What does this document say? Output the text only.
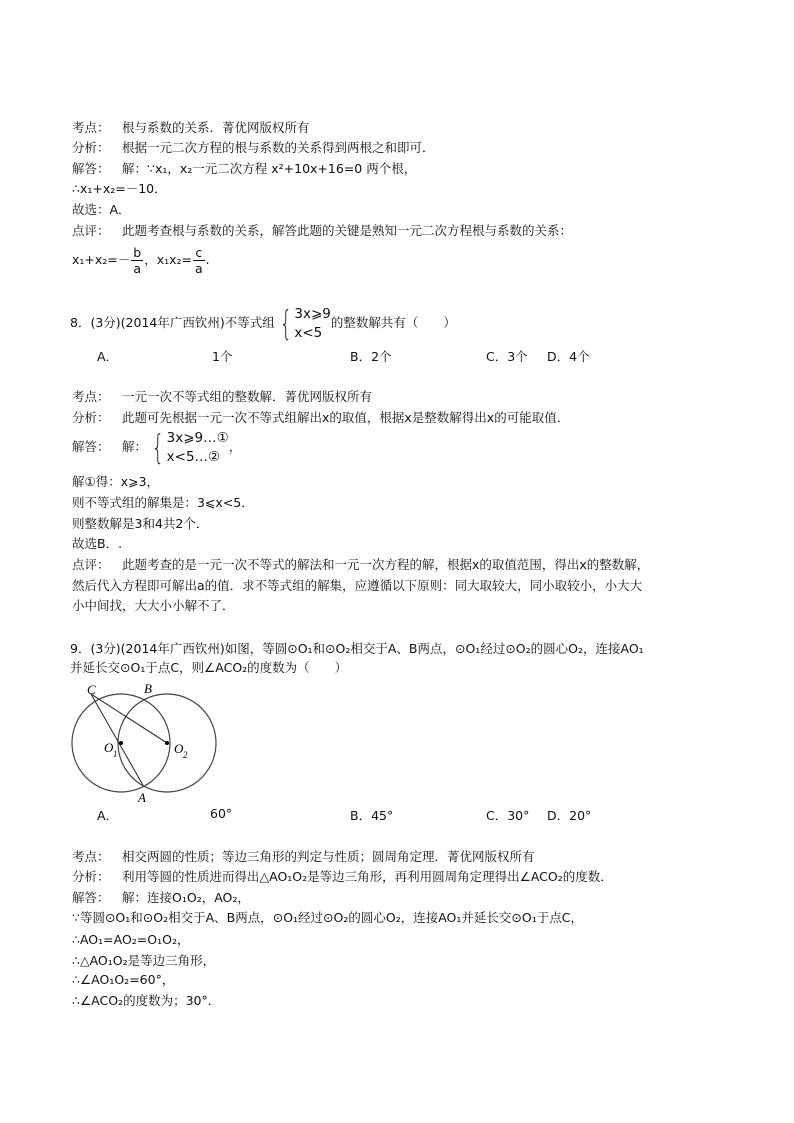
考点： 根与系数的关系．菁优网版权所有
分析： 根据一元二次方程的根与系数的关系得到两根之和即可．
解答： 解：∵x₁，x₂一元二次方程 x²+10x+16=0 两个根，
∴x₁+x₂=－10．
故选：A．
点评： 此题考查根与系数的关系，解答此题的关键是熟知一元二次方程根与系数的关系：
$x_1+x_2=- \frac{b}{a}$ ，$x_1x_2= \frac{c}{a}$ .
8．(3分)(2014年广西钦州)不等式组 { 3x⩾9
x<5
的整数解共有（　　）
A．	1个	B．2个	C．3个 D．4个
考点： 一元一次不等式组的整数解．菁优网版权所有
分析： 此题可先根据一元一次不等式组解出x的取值，根据x是整数解得出x的可能取值．
解答： 解： { 3x⩾9…①
x<5…②
，
解①得：x⩾3，
则不等式组的解集是：3⩽x<5．
则整数解是3和4共2个．
故选B．.
点评： 此题考查的是一元一次不等式的解法和一元一次方程的解，根据x的取值范围，得出x的整数解，
然后代入方程即可解出a的值．求不等式组的解集，应遵循以下原则：同大取较大，同小取较小，小大大
小中间找，大大小小解不了．
9．(3分)(2014年广西钦州)如图，等圆⊙O₁和⊙O₂相交于A、B两点，⊙O₁经过⊙O₂的圆心O₂，连接AO₁
并延长交⊙O₁于点C，则∠ACO₂的度数为（　　）
C	B
O 1	O 2
A
A．	60°	B．45°	C．30° D．20°
考点： 相交两圆的性质；等边三角形的判定与性质；圆周角定理．菁优网版权所有
分析： 利用等圆的性质进而得出△AO₁O₂是等边三角形，再利用圆周角定理得出∠ACO₂的度数．
解答： 解：连接O₁O₂，AO₂，
∵等圆⊙O₁和⊙O₂相交于A、B两点，⊙O₁经过⊙O₂的圆心O₂，连接AO₁并延长交⊙O₁于点C，
∴AO₁=AO₂=O₁O₂，
∴△AO₁O₂是等边三角形，
∴∠AO₁O₂=60°，
∴∠ACO₂的度数为；30°．
